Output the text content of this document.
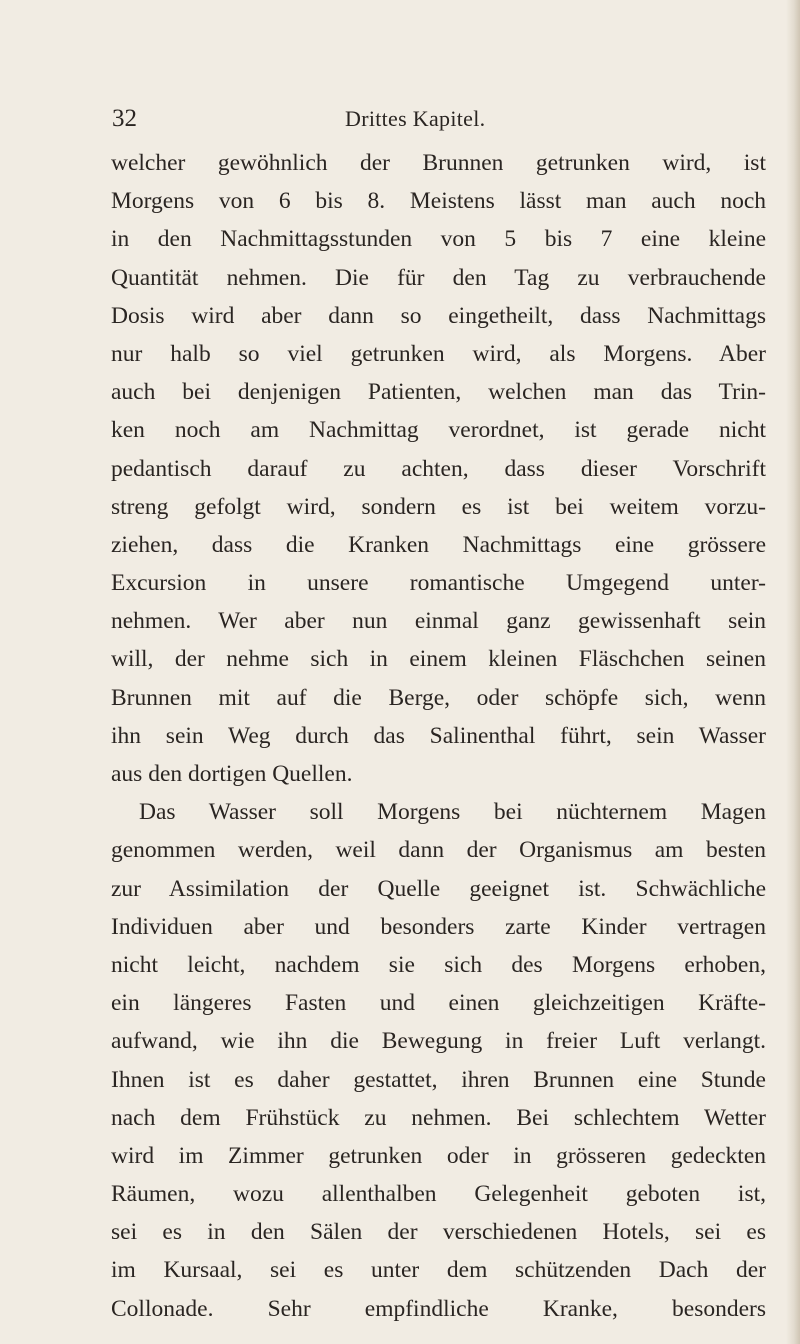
32	Drittes Kapitel.
welcher gewöhnlich der Brunnen getrunken wird, ist
Morgens von 6 bis 8. Meistens lässt man auch noch
in den Nachmittagsstunden von 5 bis 7 eine kleine
Quantität nehmen. Die für den Tag zu verbrauchende
Dosis wird aber dann so eingetheilt, dass Nachmittags
nur halb so viel getrunken wird, als Morgens. Aber
auch bei denjenigen Patienten, welchen man das Trin-
ken noch am Nachmittag verordnet, ist gerade nicht
pedantisch darauf zu achten, dass dieser Vorschrift
streng gefolgt wird, sondern es ist bei weitem vorzu-
ziehen, dass die Kranken Nachmittags eine grössere
Excursion in unsere romantische Umgegend unter-
nehmen. Wer aber nun einmal ganz gewissenhaft sein
will, der nehme sich in einem kleinen Fläschchen seinen
Brunnen mit auf die Berge, oder schöpfe sich, wenn
ihn sein Weg durch das Salinenthal führt, sein Wasser
aus den dortigen Quellen.
Das Wasser soll Morgens bei nüchternem Magen
genommen werden, weil dann der Organismus am besten
zur Assimilation der Quelle geeignet ist. Schwächliche
Individuen aber und besonders zarte Kinder vertragen
nicht leicht, nachdem sie sich des Morgens erhoben,
ein längeres Fasten und einen gleichzeitigen Kräfte-
aufwand, wie ihn die Bewegung in freier Luft verlangt.
Ihnen ist es daher gestattet, ihren Brunnen eine Stunde
nach dem Frühstück zu nehmen. Bei schlechtem Wetter
wird im Zimmer getrunken oder in grösseren gedeckten
Räumen, wozu allenthalben Gelegenheit geboten ist,
sei es in den Sälen der verschiedenen Hotels, sei es
im Kursaal, sei es unter dem schützenden Dach der
Collonade. Sehr empfindliche Kranke, besonders
